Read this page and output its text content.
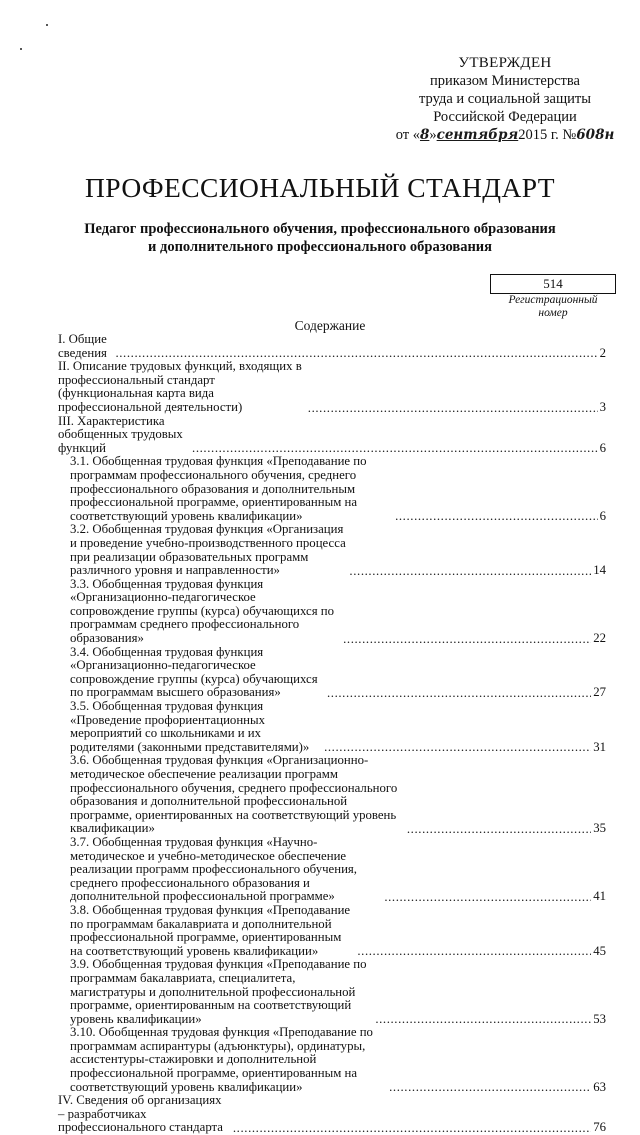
УТВЕРЖДЕН
приказом Министерства
труда и социальной защиты
Российской Федерации
от «8»сентября2015 г. №608н
ПРОФЕССИОНАЛЬНЫЙ СТАНДАРТ
Педагог профессионального обучения, профессионального образования
и дополнительного профессионального образования
514
Регистрационный
номер
Содержание
I. Общие сведения .....	2
II. Описание трудовых функций, входящих в профессиональный стандарт (функциональная карта вида профессиональной деятельности) .....	3
III. Характеристика обобщенных трудовых функций .....	6
3.1. Обобщенная трудовая функция «Преподавание по программам профессионального обучения, среднего профессионального образования и дополнительным профессиональной программе, ориентированным на соответствующий уровень квалификации» .....	6
3.2. Обобщенная трудовая функция «Организация и проведение учебно-производственного процесса при реализации образовательных программ различного уровня и направленности» .....	14
3.3. Обобщенная трудовая функция «Организационно-педагогическое сопровождение группы (курса) обучающихся по программам среднего профессионального образования» .....	22
3.4. Обобщенная трудовая функция «Организационно-педагогическое сопровождение группы (курса) обучающихся по программам высшего образования» .....	27
3.5. Обобщенная трудовая функция «Проведение профориентационных мероприятий со школьниками и их родителями (законными представителями)» .....	31
3.6. Обобщенная трудовая функция «Организационно-методическое обеспечение реализации программ профессионального обучения, среднего профессионального образования и дополнительной профессиональной программе, ориентированных на соответствующий уровень квалификации» .....	35
3.7. Обобщенная трудовая функция «Научно-методическое и учебно-методическое обеспечение реализации программ профессионального обучения, среднего профессионального образования и дополнительной профессиональной программе» .....	41
3.8. Обобщенная трудовая функция «Преподавание по программам бакалавриата и дополнительной профессиональной программе, ориентированным на соответствующий уровень квалификации» .....	45
3.9. Обобщенная трудовая функция «Преподавание по программам бакалавриата, специалитета, магистратуры и дополнительной профессиональной программе, ориентированным на соответствующий уровень квалификации» .....	53
3.10. Обобщенная трудовая функция «Преподавание по программам аспирантуры (адъюнктуры), ординатуры, ассистентуры-стажировки и дополнительной профессиональной программе, ориентированным на соответствующий уровень квалификации» .....	63
IV. Сведения об организациях – разработчиках профессионального стандарта .....	76
